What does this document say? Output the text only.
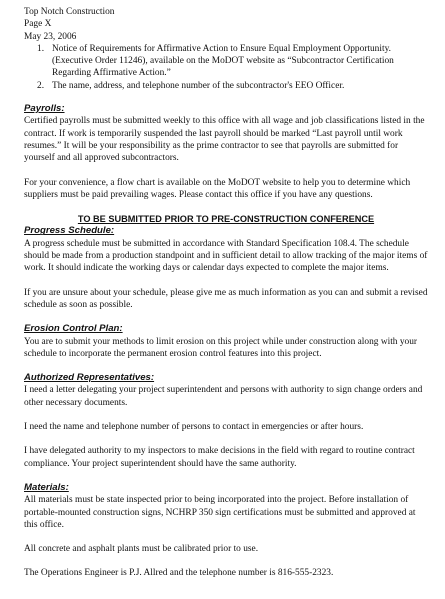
Top Notch Construction
Page X
May 23, 2006
1. Notice of Requirements for Affirmative Action to Ensure Equal Employment Opportunity. (Executive Order 11246), available on the MoDOT website as “Subcontractor Certification Regarding Affirmative Action.”
2. The name, address, and telephone number of the subcontractor's EEO Officer.
Payrolls:

Certified payrolls must be submitted weekly to this office with all wage and job classifications listed in the contract. If work is temporarily suspended the last payroll should be marked “Last payroll until work resumes.” It will be your responsibility as the prime contractor to see that payrolls are submitted for yourself and all approved subcontractors.

For your convenience, a flow chart is available on the MoDOT website to help you to determine which suppliers must be paid prevailing wages. Please contact this office if you have any questions.

TO BE SUBMITTED PRIOR TO PRE-CONSTRUCTION CONFERENCE
Progress Schedule:

A progress schedule must be submitted in accordance with Standard Specification 108.4. The schedule should be made from a production standpoint and in sufficient detail to allow tracking of the major items of work. It should indicate the working days or calendar days expected to complete the major items.

If you are unsure about your schedule, please give me as much information as you can and submit a revised schedule as soon as possible.

Erosion Control Plan:

You are to submit your methods to limit erosion on this project while under construction along with your schedule to incorporate the permanent erosion control features into this project.

Authorized Representatives:

I need a letter delegating your project superintendent and persons with authority to sign change orders and other necessary documents.

I need the name and telephone number of persons to contact in emergencies or after hours.

I have delegated authority to my inspectors to make decisions in the field with regard to routine contract compliance. Your project superintendent should have the same authority.

Materials:

All materials must be state inspected prior to being incorporated into the project. Before installation of portable-mounted construction signs, NCHRP 350 sign certifications must be submitted and approved at this office.

All concrete and asphalt plants must be calibrated prior to use.

The Operations Engineer is P.J. Allred and the telephone number is 816-555-2323.
